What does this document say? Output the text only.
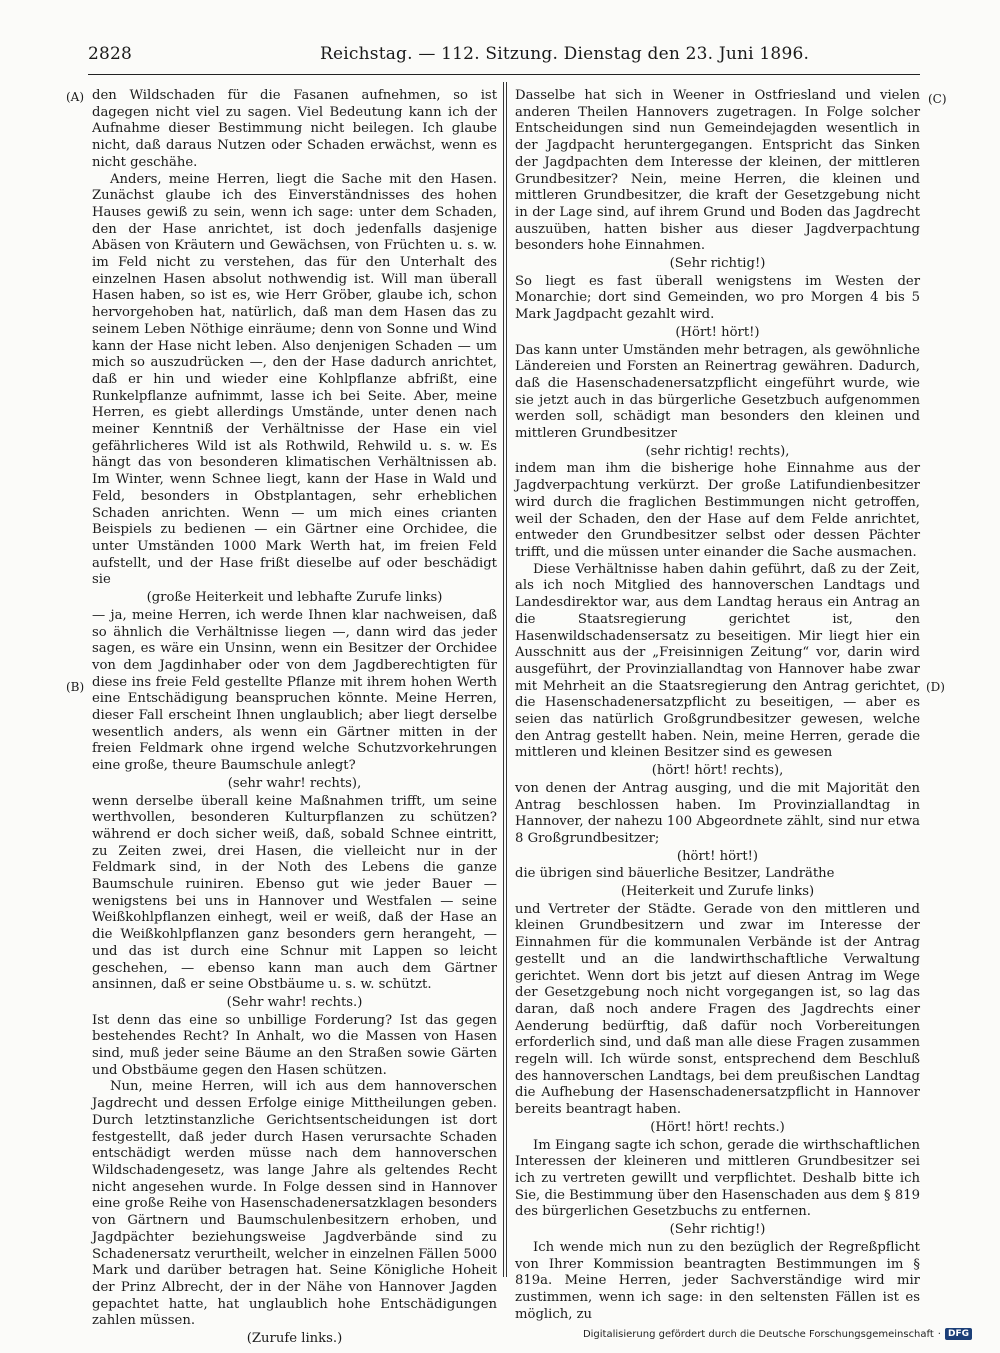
2828	Reichstag. — 112. Sitzung. Dienstag den 23. Juni 1896.
(A)
(B)
(C)
(D)

den Wildschaden für die Fasanen aufnehmen, so ist dagegen nicht viel zu sagen. Viel Bedeutung kann ich der Aufnahme dieser Bestimmung nicht beilegen. Ich glaube nicht, daß daraus Nutzen oder Schaden erwächst, wenn es nicht geschähe.

Anders, meine Herren, liegt die Sache mit den Hasen. Zunächst glaube ich des Einverständnisses des hohen Hauses gewiß zu sein, wenn ich sage: unter dem Schaden, den der Hase anrichtet, ist doch jedenfalls dasjenige Abäsen von Kräutern und Gewächsen, von Früchten u. s. w. im Feld nicht zu verstehen, das für den Unterhalt des einzelnen Hasen absolut nothwendig ist. Will man überall Hasen haben, so ist es, wie Herr Gröber, glaube ich, schon hervorgehoben hat, natürlich, daß man dem Hasen das zu seinem Leben Nöthige einräume; denn von Sonne und Wind kann der Hase nicht leben. Also denjenigen Schaden — um mich so auszudrücken —, den der Hase dadurch anrichtet, daß er hin und wieder eine Kohlpflanze abfrißt, eine Runkelpflanze aufnimmt, lasse ich bei Seite. Aber, meine Herren, es giebt allerdings Umstände, unter denen nach meiner Kenntniß der Verhältnisse der Hase ein viel gefährlicheres Wild ist als Rothwild, Rehwild u. s. w. Es hängt das von besonderen klimatischen Verhältnissen ab. Im Winter, wenn Schnee liegt, kann der Hase in Wald und Feld, besonders in Obstplantagen, sehr erheblichen Schaden anrichten. Wenn — um mich eines crianten Beispiels zu bedienen — ein Gärtner eine Orchidee, die unter Umständen 1000 Mark Werth hat, im freien Feld aufstellt, und der Hase frißt dieselbe auf oder beschädigt sie

(große Heiterkeit und lebhafte Zurufe links)

— ja, meine Herren, ich werde Ihnen klar nachweisen, daß so ähnlich die Verhältnisse liegen —, dann wird das jeder sagen, es wäre ein Unsinn, wenn ein Besitzer der Orchidee von dem Jagdinhaber oder von dem Jagdberechtigten für diese ins freie Feld gestellte Pflanze mit ihrem hohen Werth eine Entschädigung beanspruchen könnte. Meine Herren, dieser Fall erscheint Ihnen unglaublich; aber liegt derselbe wesentlich anders, als wenn ein Gärtner mitten in der freien Feldmark ohne irgend welche Schutzvorkehrungen eine große, theure Baumschule anlegt?

(sehr wahr! rechts),

wenn derselbe überall keine Maßnahmen trifft, um seine werthvollen, besonderen Kulturpflanzen zu schützen? während er doch sicher weiß, daß, sobald Schnee eintritt, zu Zeiten zwei, drei Hasen, die vielleicht nur in der Feldmark sind, in der Noth des Lebens die ganze Baumschule ruiniren. Ebenso gut wie jeder Bauer — wenigstens bei uns in Hannover und Westfalen — seine Weißkohlpflanzen einhegt, weil er weiß, daß der Hase an die Weißkohlpflanzen ganz besonders gern herangeht, — und das ist durch eine Schnur mit Lappen so leicht geschehen, — ebenso kann man auch dem Gärtner ansinnen, daß er seine Obstbäume u. s. w. schützt.

(Sehr wahr! rechts.)

Ist denn das eine so unbillige Forderung? Ist das gegen bestehendes Recht? In Anhalt, wo die Massen von Hasen sind, muß jeder seine Bäume an den Straßen sowie Gärten und Obstbäume gegen den Hasen schützen.

Nun, meine Herren, will ich aus dem hannoverschen Jagdrecht und dessen Erfolge einige Mittheilungen geben. Durch letztinstanzliche Gerichtsentscheidungen ist dort festgestellt, daß jeder durch Hasen verursachte Schaden entschädigt werden müsse nach dem hannoverschen Wildschadengesetz, was lange Jahre als geltendes Recht nicht angesehen wurde. In Folge dessen sind in Hannover eine große Reihe von Hasenschadenersatzklagen besonders von Gärtnern und Baumschulenbesitzern erhoben, und Jagdpächter beziehungsweise Jagdverbände sind zu Schadenersatz verurtheilt, welcher in einzelnen Fällen 5000 Mark und darüber betragen hat. Seine Königliche Hoheit der Prinz Albrecht, der in der Nähe von Hannover Jagden gepachtet hatte, hat unglaublich hohe Entschädigungen zahlen müssen.

(Zurufe links.)

Dasselbe hat sich in Weener in Ostfriesland und vielen anderen Theilen Hannovers zugetragen. In Folge solcher Entscheidungen sind nun Gemeindejagden wesentlich in der Jagdpacht heruntergegangen. Entspricht das Sinken der Jagdpachten dem Interesse der kleinen, der mittleren Grundbesitzer? Nein, meine Herren, die kleinen und mittleren Grundbesitzer, die kraft der Gesetzgebung nicht in der Lage sind, auf ihrem Grund und Boden das Jagdrecht auszuüben, hatten bisher aus dieser Jagdverpachtung besonders hohe Einnahmen.

(Sehr richtig!)

So liegt es fast überall wenigstens im Westen der Monarchie; dort sind Gemeinden, wo pro Morgen 4 bis 5 Mark Jagdpacht gezahlt wird.

(Hört! hört!)

Das kann unter Umständen mehr betragen, als gewöhnliche Ländereien und Forsten an Reinertrag gewähren. Dadurch, daß die Hasenschadenersatzpflicht eingeführt wurde, wie sie jetzt auch in das bürgerliche Gesetzbuch aufgenommen werden soll, schädigt man besonders den kleinen und mittleren Grundbesitzer

(sehr richtig! rechts),

indem man ihm die bisherige hohe Einnahme aus der Jagdverpachtung verkürzt. Der große Latifundienbesitzer wird durch die fraglichen Bestimmungen nicht getroffen, weil der Schaden, den der Hase auf dem Felde anrichtet, entweder den Grundbesitzer selbst oder dessen Pächter trifft, und die müssen unter einander die Sache ausmachen.

Diese Verhältnisse haben dahin geführt, daß zu der Zeit, als ich noch Mitglied des hannoverschen Landtags und Landesdirektor war, aus dem Landtag heraus ein Antrag an die Staatsregierung gerichtet ist, den Hasenwildschadensersatz zu beseitigen. Mir liegt hier ein Ausschnitt aus der „Freisinnigen Zeitung“ vor, darin wird ausgeführt, der Provinziallandtag von Hannover habe zwar mit Mehrheit an die Staatsregierung den Antrag gerichtet, die Hasenschadenersatzpflicht zu beseitigen, — aber es seien das natürlich Großgrundbesitzer gewesen, welche den Antrag gestellt haben. Nein, meine Herren, gerade die mittleren und kleinen Besitzer sind es gewesen

(hört! hört! rechts),

von denen der Antrag ausging, und die mit Majorität den Antrag beschlossen haben. Im Provinziallandtag in Hannover, der nahezu 100 Abgeordnete zählt, sind nur etwa 8 Großgrundbesitzer;

(hört! hört!)

die übrigen sind bäuerliche Besitzer, Landräthe

(Heiterkeit und Zurufe links)

und Vertreter der Städte. Gerade von den mittleren und kleinen Grundbesitzern und zwar im Interesse der Einnahmen für die kommunalen Verbände ist der Antrag gestellt und an die landwirthschaftliche Verwaltung gerichtet. Wenn dort bis jetzt auf diesen Antrag im Wege der Gesetzgebung noch nicht vorgegangen ist, so lag das daran, daß noch andere Fragen des Jagdrechts einer Aenderung bedürftig, daß dafür noch Vorbereitungen erforderlich sind, und daß man alle diese Fragen zusammen regeln will. Ich würde sonst, entsprechend dem Beschluß des hannoverschen Landtags, bei dem preußischen Landtag die Aufhebung der Hasenschadenersatzpflicht in Hannover bereits beantragt haben.

(Hört! hört! rechts.)

Im Eingang sagte ich schon, gerade die wirthschaftlichen Interessen der kleineren und mittleren Grundbesitzer sei ich zu vertreten gewillt und verpflichtet. Deshalb bitte ich Sie, die Bestimmung über den Hasenschaden aus dem § 819 des bürgerlichen Gesetzbuchs zu entfernen.

(Sehr richtig!)

Ich wende mich nun zu den bezüglich der Regreßpflicht von Ihrer Kommission beantragten Bestimmungen im § 819a. Meine Herren, jeder Sachverständige wird mir zustimmen, wenn ich sage: in den seltensten Fällen ist es möglich, zu

Digitalisierung gefördert durch die Deutsche Forschungsgemeinschaft · DFG
